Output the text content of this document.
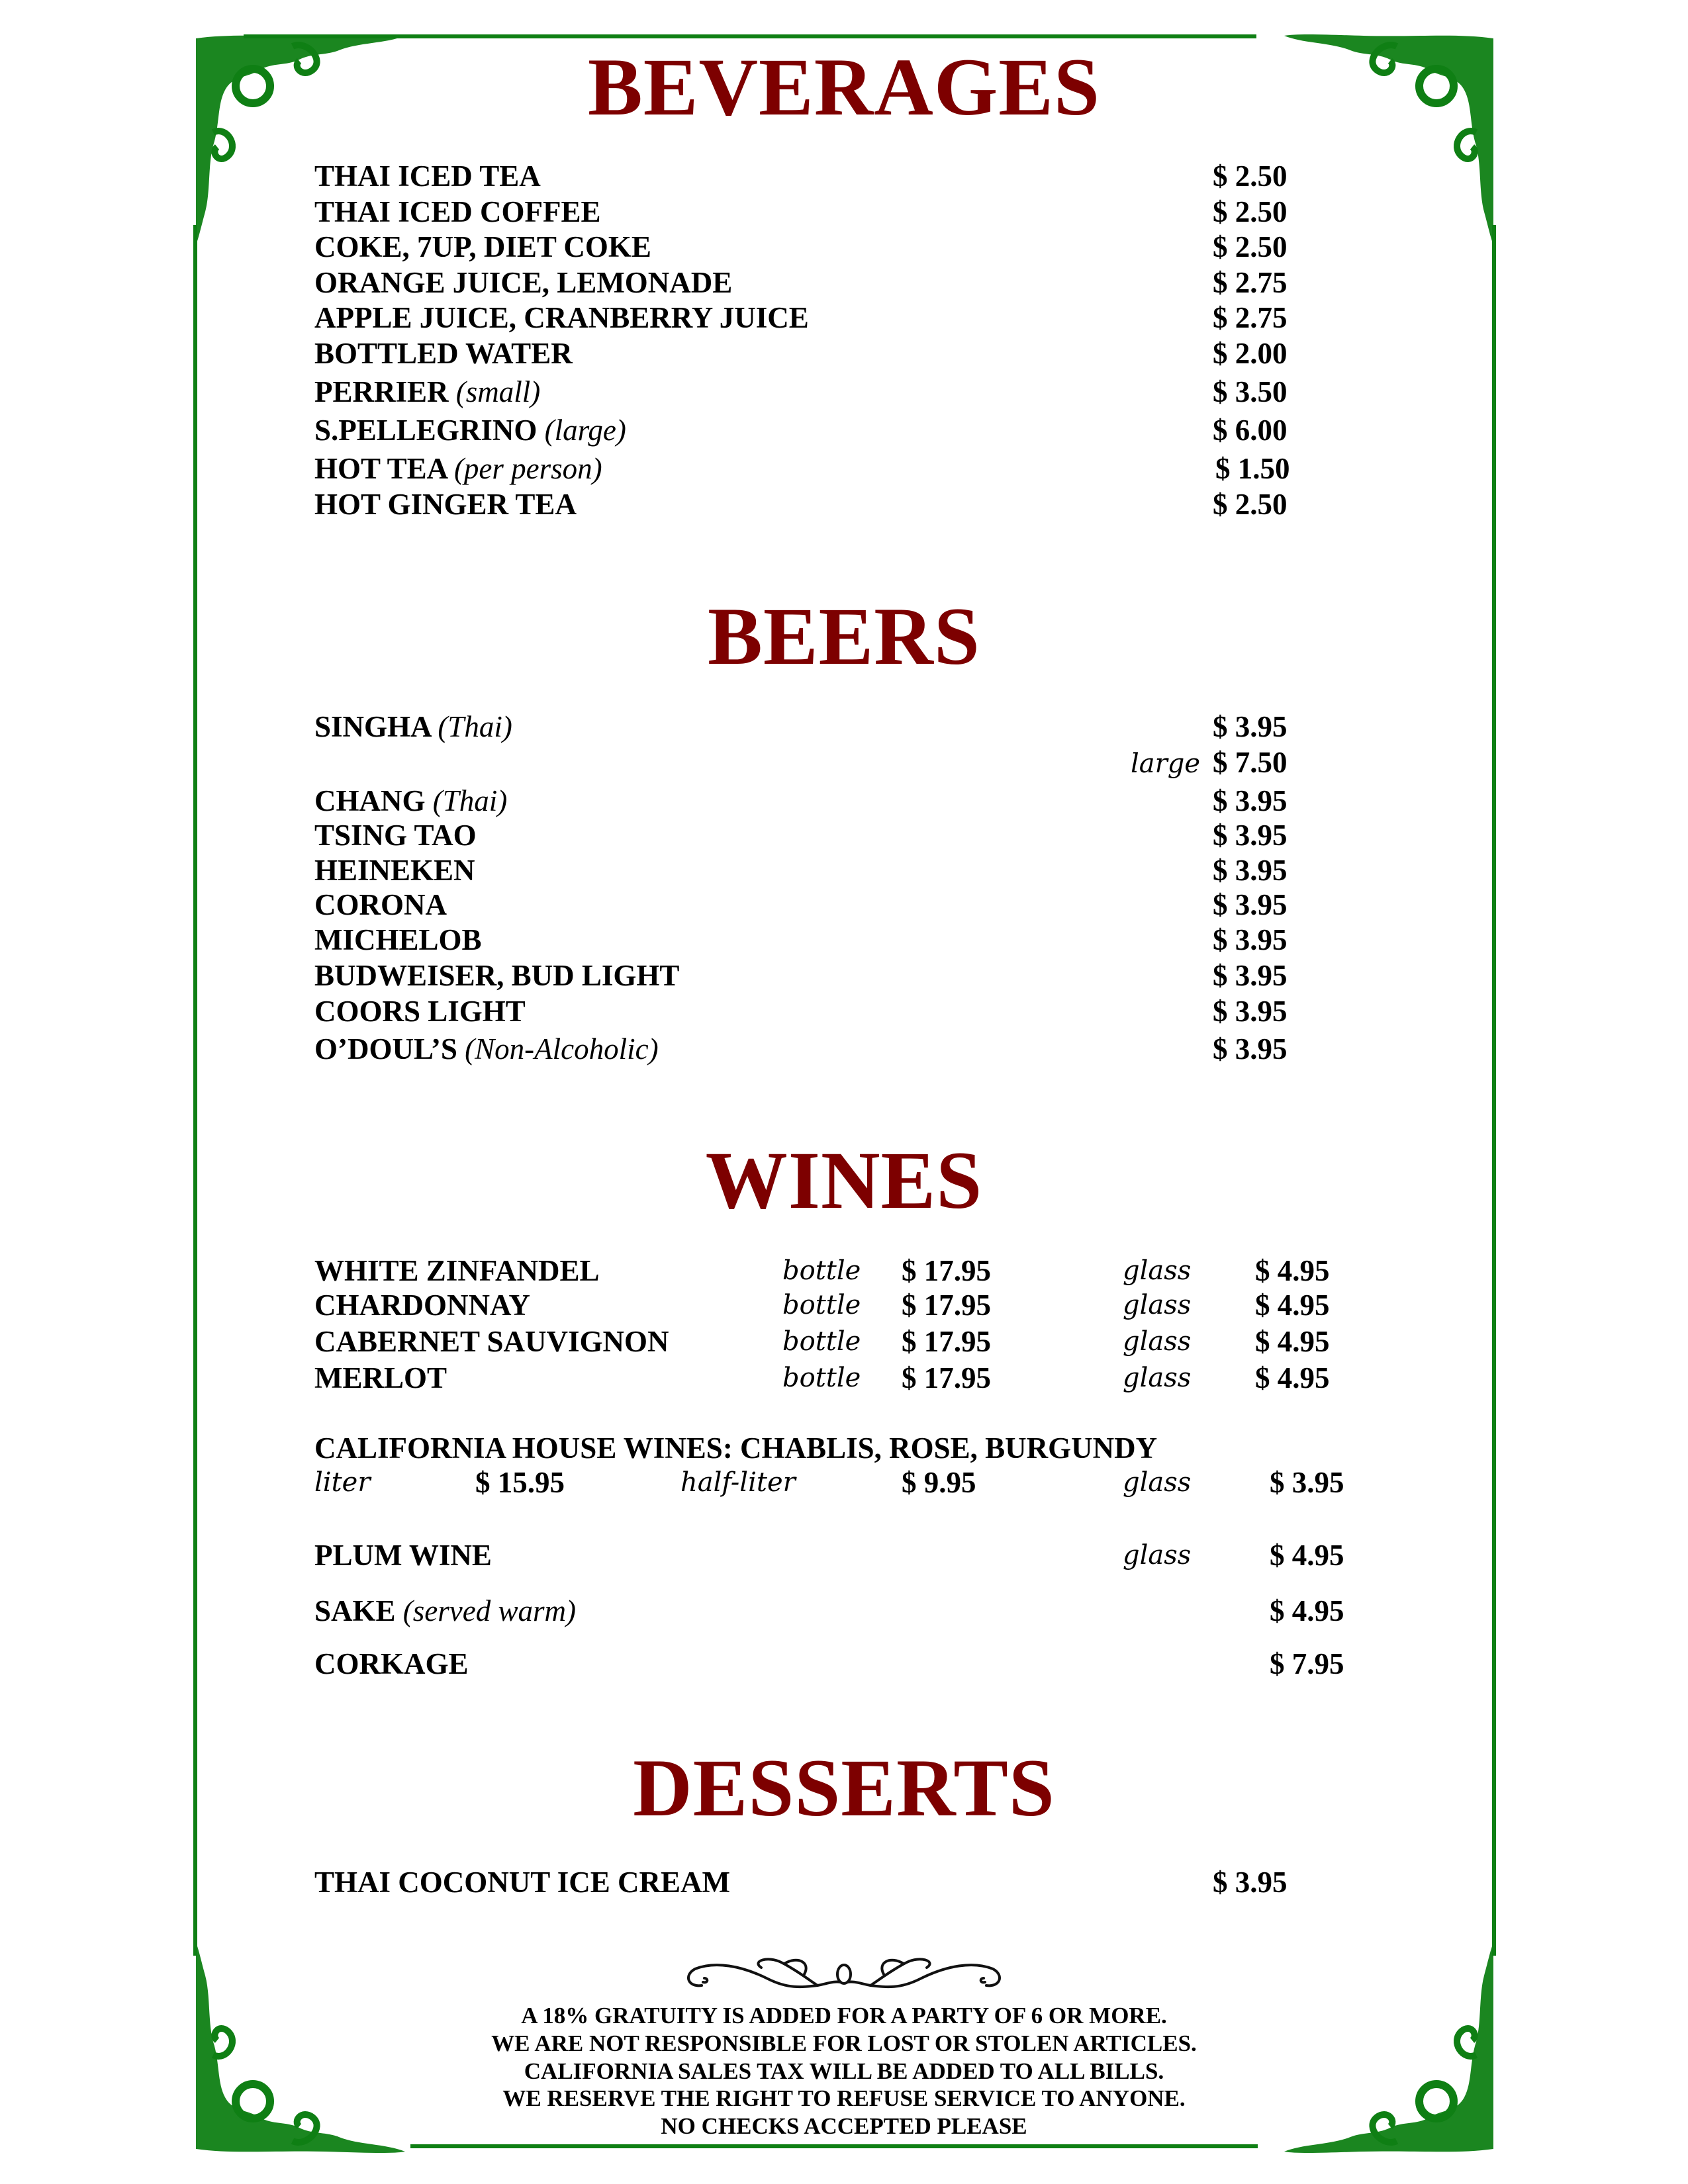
BEVERAGES
THAI ICED TEA	$ 2.50
THAI ICED COFFEE	$ 2.50
COKE, 7UP, DIET COKE	$ 2.50
ORANGE JUICE, LEMONADE	$ 2.75
APPLE JUICE, CRANBERRY JUICE	$ 2.75
BOTTLED WATER	$ 2.00
PERRIER (small)	$ 3.50
S.PELLEGRINO (large)	$ 6.00
HOT TEA (per person)	$ 1.50
HOT GINGER TEA	$ 2.50
BEERS
SINGHA (Thai)	$ 3.95
large $ 7.50
CHANG (Thai)	$ 3.95
TSING TAO	$ 3.95
HEINEKEN	$ 3.95
CORONA	$ 3.95
MICHELOB	$ 3.95
BUDWEISER, BUD LIGHT	$ 3.95
COORS LIGHT	$ 3.95
O’DOUL’S (Non-Alcoholic)	$ 3.95
WINES
WHITE ZINFANDEL	bottle $ 17.95	glass $ 4.95
CHARDONNAY	bottle $ 17.95	glass $ 4.95
CABERNET SAUVIGNON	bottle $ 17.95	glass $ 4.95
MERLOT	bottle $ 17.95	glass $ 4.95
CALIFORNIA HOUSE WINES: CHABLIS, ROSE, BURGUNDY
liter	$ 15.95	half-liter	$ 9.95	glass	$ 3.95
PLUM WINE	glass	$ 4.95
SAKE (served warm)	$ 4.95
CORKAGE	$ 7.95
DESSERTS
THAI COCONUT ICE CREAM	$ 3.95
A 18% GRATUITY IS ADDED FOR A PARTY OF 6 OR MORE.
WE ARE NOT RESPONSIBLE FOR LOST OR STOLEN ARTICLES.
CALIFORNIA SALES TAX WILL BE ADDED TO ALL BILLS.
WE RESERVE THE RIGHT TO REFUSE SERVICE TO ANYONE.
NO CHECKS ACCEPTED PLEASE
